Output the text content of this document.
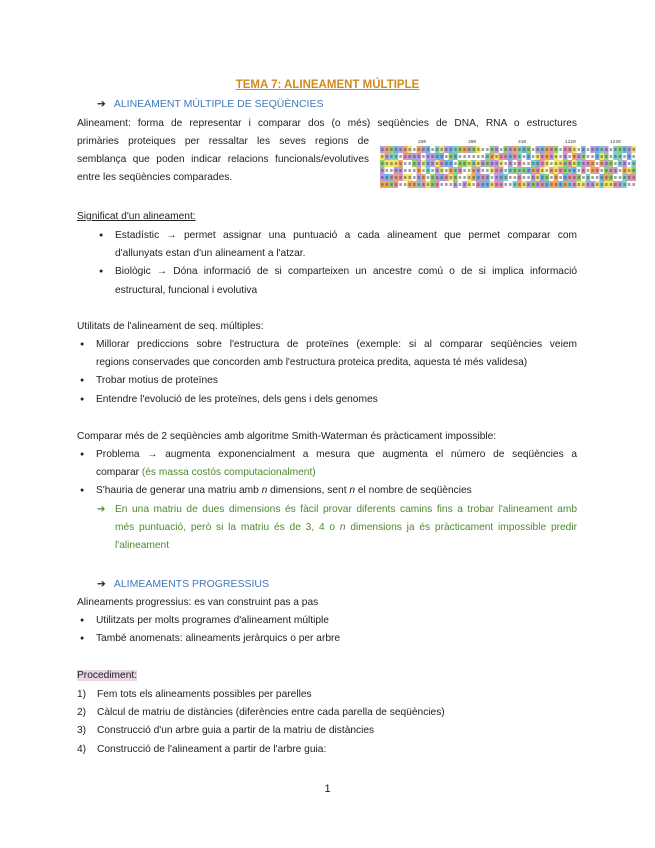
TEMA 7: ALINEAMENT MÚLTIPLE
➔ ALINEAMENT MÚLTIPLE DE SEQÜÈNCIES
Alineament: forma de representar i comparar dos (o més) seqüències de DNA, RNA o estructures
primàries proteiques per ressaltar les seves regions de
semblança que poden indicar relacions funcionals/evolutives
entre les seqüències comparades.
290	300	310	1220	1230
Significat d'un alineament:
● Estadístic → permet assignar una puntuació a cada alineament que permet comparar com
d'allunyats estan d'un alineament a l'atzar.
● Biològic → Dóna informació de si comparteixen un ancestre comú o de si implica informació
estructural, funcional i evolutiva
Utilitats de l'alineament de seq. múltiples:
● Millorar prediccions sobre l'estructura de proteïnes (exemple: si al comparar seqüències veiem
regions conservades que concorden amb l'estructura proteica predita, aquesta té més validesa)
● Trobar motius de proteïnes
● Entendre l'evolució de les proteïnes, dels gens i dels genomes
Comparar més de 2 seqüències amb algoritme Smith-Waterman és pràcticament impossible:
● Problema → augmenta exponencialment a mesura que augmenta el número de seqüències a
comparar (és massa costós computacionalment)
● S'hauria de generar una matriu amb n dimensions, sent n el nombre de seqüències
➔ En una matriu de dues dimensions és fàcil provar diferents camins fins a trobar l'alineament amb
més puntuació, però si la matriu és de 3, 4 o n dimensions ja és pràcticament impossible predir
l'alineament
➔ ALIMEAMENTS PROGRESSIUS
Alineaments progressius: es van construint pas a pas
● Utilitzats per molts programes d'alineament múltiple
● També anomenats: alineaments jeràrquics o per arbre
Procediment:
1) Fem tots els alineaments possibles per parelles
2) Càlcul de matriu de distàncies (diferències entre cada parella de seqüències)
3) Construcció d'un arbre guia a partir de la matriu de distàncies
4) Construcció de l'alineament a partir de l'arbre guia:
1
